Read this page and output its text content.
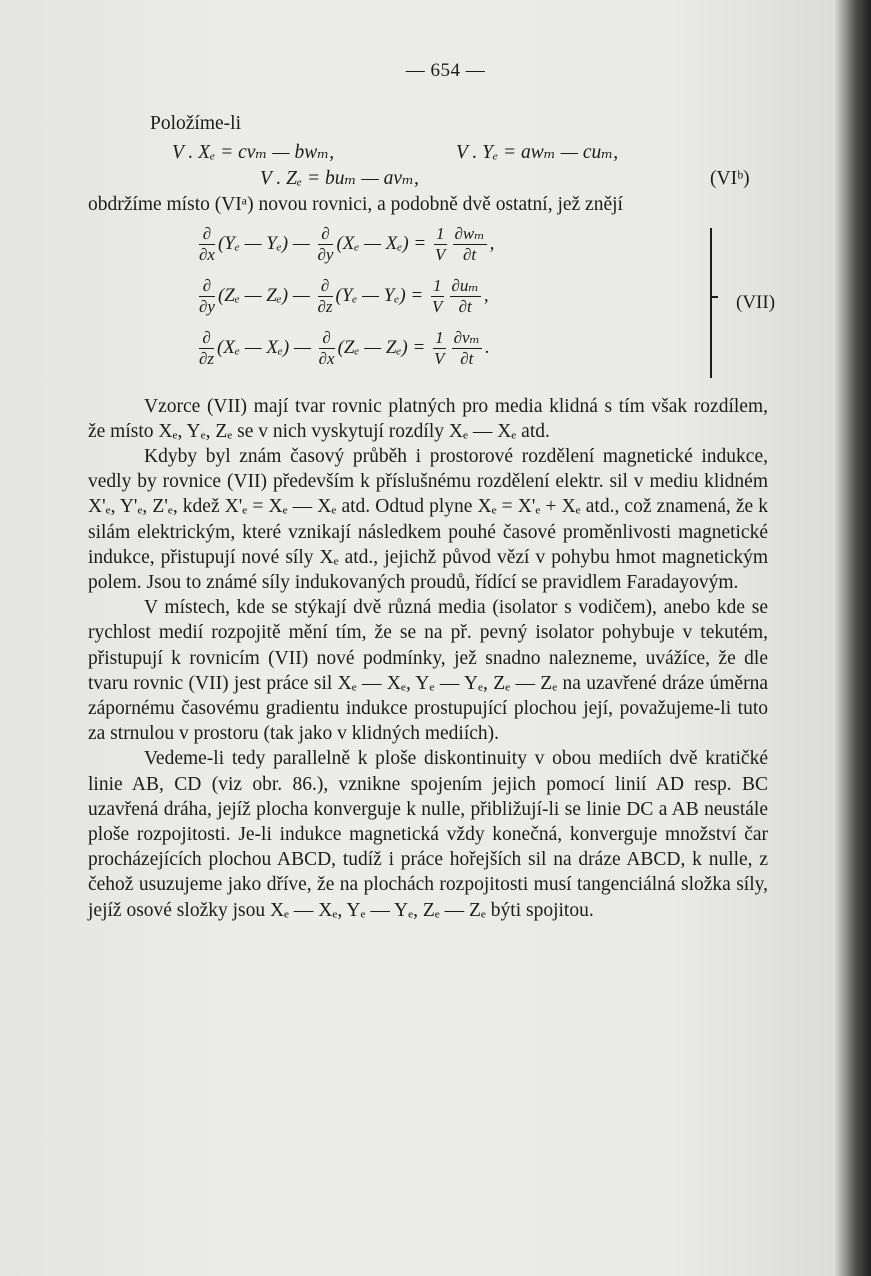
— 654 —

Položíme-li

V . Xₑ = cvₘ — bwₘ,	V . Yₑ = awₘ — cuₘ,
V . Zₑ = buₘ — avₘ,	(VIᵇ)

obdržíme místo (VIᵃ) novou rovnici, a podobně dvě ostatní, jež znějí

$\frac{\partial}{\partial x} (Y_e$ — Yₑ) — $\frac{\partial}{\partial y} (X_e$ — $X_e) = \frac{1}{V} \frac{\text{∂wₘ}}{\partial t}$ ,
$\frac{\partial}{\partial y} (Z_e$ — Zₑ) — $\frac{\partial}{\partial z} (Y_e$ — $Y_e) = \frac{1}{V} \frac{\text{∂uₘ}}{\partial t}$ ,
$\frac{\partial}{\partial z} (X_e$ — Xₑ) — $\frac{\partial}{\partial x} (Z_e$ — $Z_e) = \frac{1}{V} \frac{\text{∂vₘ}}{\partial t}$ .
(VII)

Vzorce (VII) mají tvar rovnic platných pro media klidná s tím však rozdílem, že místo Xₑ, Yₑ, Zₑ se v nich vyskytují rozdíly Xₑ — Xₑ atd.

Kdyby byl znám časový průběh i prostorové rozdělení magnetické indukce, vedly by rovnice (VII) především k příslušnému rozdělení elektr. sil v mediu klidném X'ₑ, Y'ₑ, Z'ₑ, kdež X'ₑ = Xₑ — Xₑ atd. Odtud plyne Xₑ = X'ₑ + Xₑ atd., což znamená, že k silám elektrickým, které vznikají následkem pouhé časové proměnlivosti magnetické indukce, přistupují nové síly Xₑ atd., jejichž původ vězí v pohybu hmot magnetickým polem. Jsou to známé síly indukovaných proudů, řídící se pravidlem Faradayovým.

V místech, kde se stýkají dvě různá media (isolator s vodičem), anebo kde se rychlost medií rozpojitě mění tím, že se na př. pevný isolator pohybuje v tekutém, přistupují k rovnicím (VII) nové podmínky, jež snadno nalezneme, uvážíce, že dle tvaru rovnic (VII) jest práce sil Xₑ — Xₑ, Yₑ — Yₑ, Zₑ — Zₑ na uzavřené dráze úměrna zápornému časovému gradientu indukce prostupující plochou její, považujeme-li tuto za strnulou v prostoru (tak jako v klidných mediích).

Vedeme-li tedy parallelně k ploše diskontinuity v obou mediích dvě kratičké linie AB, CD (viz obr. 86.), vznikne spojením jejich pomocí linií AD resp. BC uzavřená dráha, jejíž plocha konverguje k nulle, přibližují-li se linie DC a AB neustále ploše rozpojitosti. Je-li indukce magnetická vždy konečná, konverguje množství čar procházejících plochou ABCD, tudíž i práce hořejších sil na dráze ABCD, k nulle, z čehož usuzujeme jako dříve, že na plochách rozpojitosti musí tangenciálná složka síly, jejíž osové složky jsou Xₑ — Xₑ, Yₑ — Yₑ, Zₑ — Zₑ býti spojitou.
